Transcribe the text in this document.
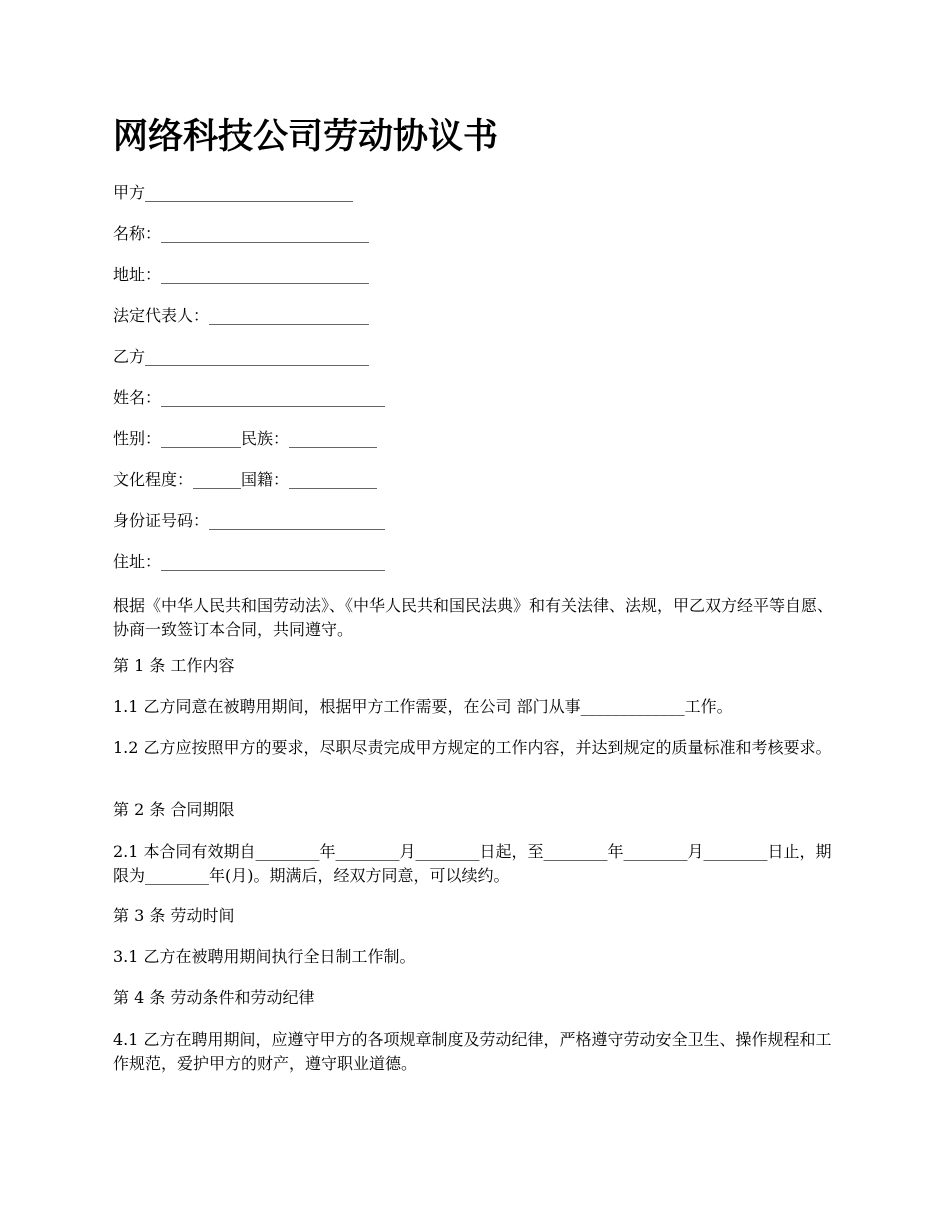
网络科技公司劳动协议书

甲方__________________________

名称：__________________________

地址：__________________________

法定代表人：____________________

乙方____________________________

姓名：____________________________

性别：__________民族：___________

文化程度：______国籍：___________

身份证号码：______________________

住址：____________________________

根据《中华人民共和国劳动法》、《中华人民共和国民法典》和有关法律、法规，甲乙双方经平等自愿、协商一致签订本合同，共同遵守。

第 1 条 工作内容

1.1 乙方同意在被聘用期间，根据甲方工作需要，在公司 部门从事_____________工作。

1.2 乙方应按照甲方的要求，尽职尽责完成甲方规定的工作内容，并达到规定的质量标准和考核要求。

第 2 条 合同期限

2.1 本合同有效期自________年________月________日起，至________年________月________日止，期限为________年(月)。期满后，经双方同意，可以续约。

第 3 条 劳动时间

3.1 乙方在被聘用期间执行全日制工作制。

第 4 条 劳动条件和劳动纪律

4.1 乙方在聘用期间，应遵守甲方的各项规章制度及劳动纪律，严格遵守劳动安全卫生、操作规程和工作规范，爱护甲方的财产，遵守职业道德。
